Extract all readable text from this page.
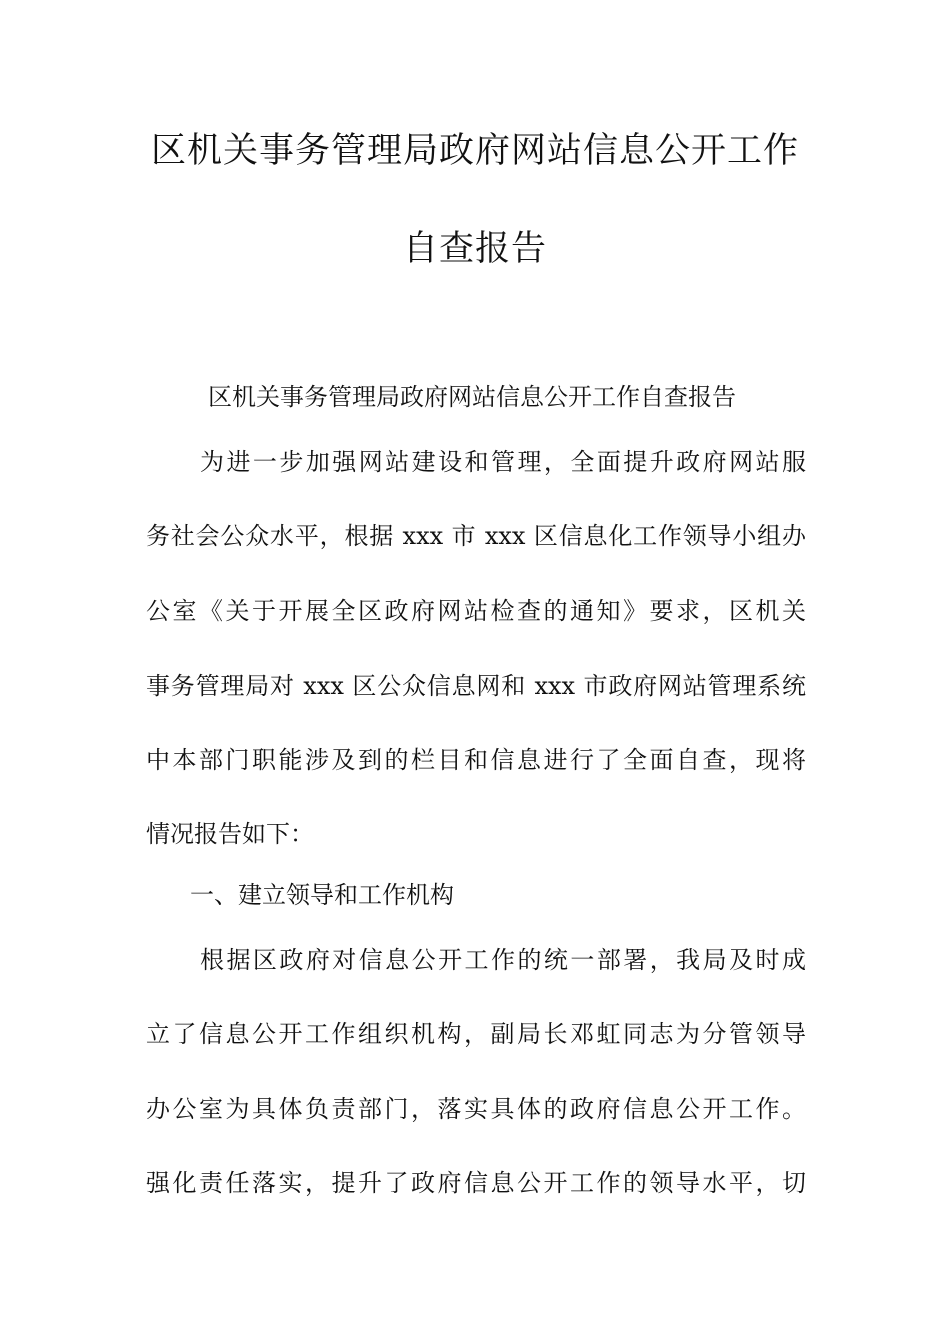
区机关事务管理局政府网站信息公开工作
自查报告
区机关事务管理局政府网站信息公开工作自查报告
为进一步加强网站建设和管理，全面提升政府网站服
务社会公众水平，根据 xxx 市 xxx 区信息化工作领导小组办
公室《关于开展全区政府网站检查的通知》要求，区机关
事务管理局对 xxx 区公众信息网和 xxx 市政府网站管理系统
中本部门职能涉及到的栏目和信息进行了全面自查，现将
情况报告如下：
一、建立领导和工作机构
根据区政府对信息公开工作的统一部署，我局及时成
立了信息公开工作组织机构，副局长邓虹同志为分管领导
办公室为具体负责部门，落实具体的政府信息公开工作。
强化责任落实，提升了政府信息公开工作的领导水平，切
